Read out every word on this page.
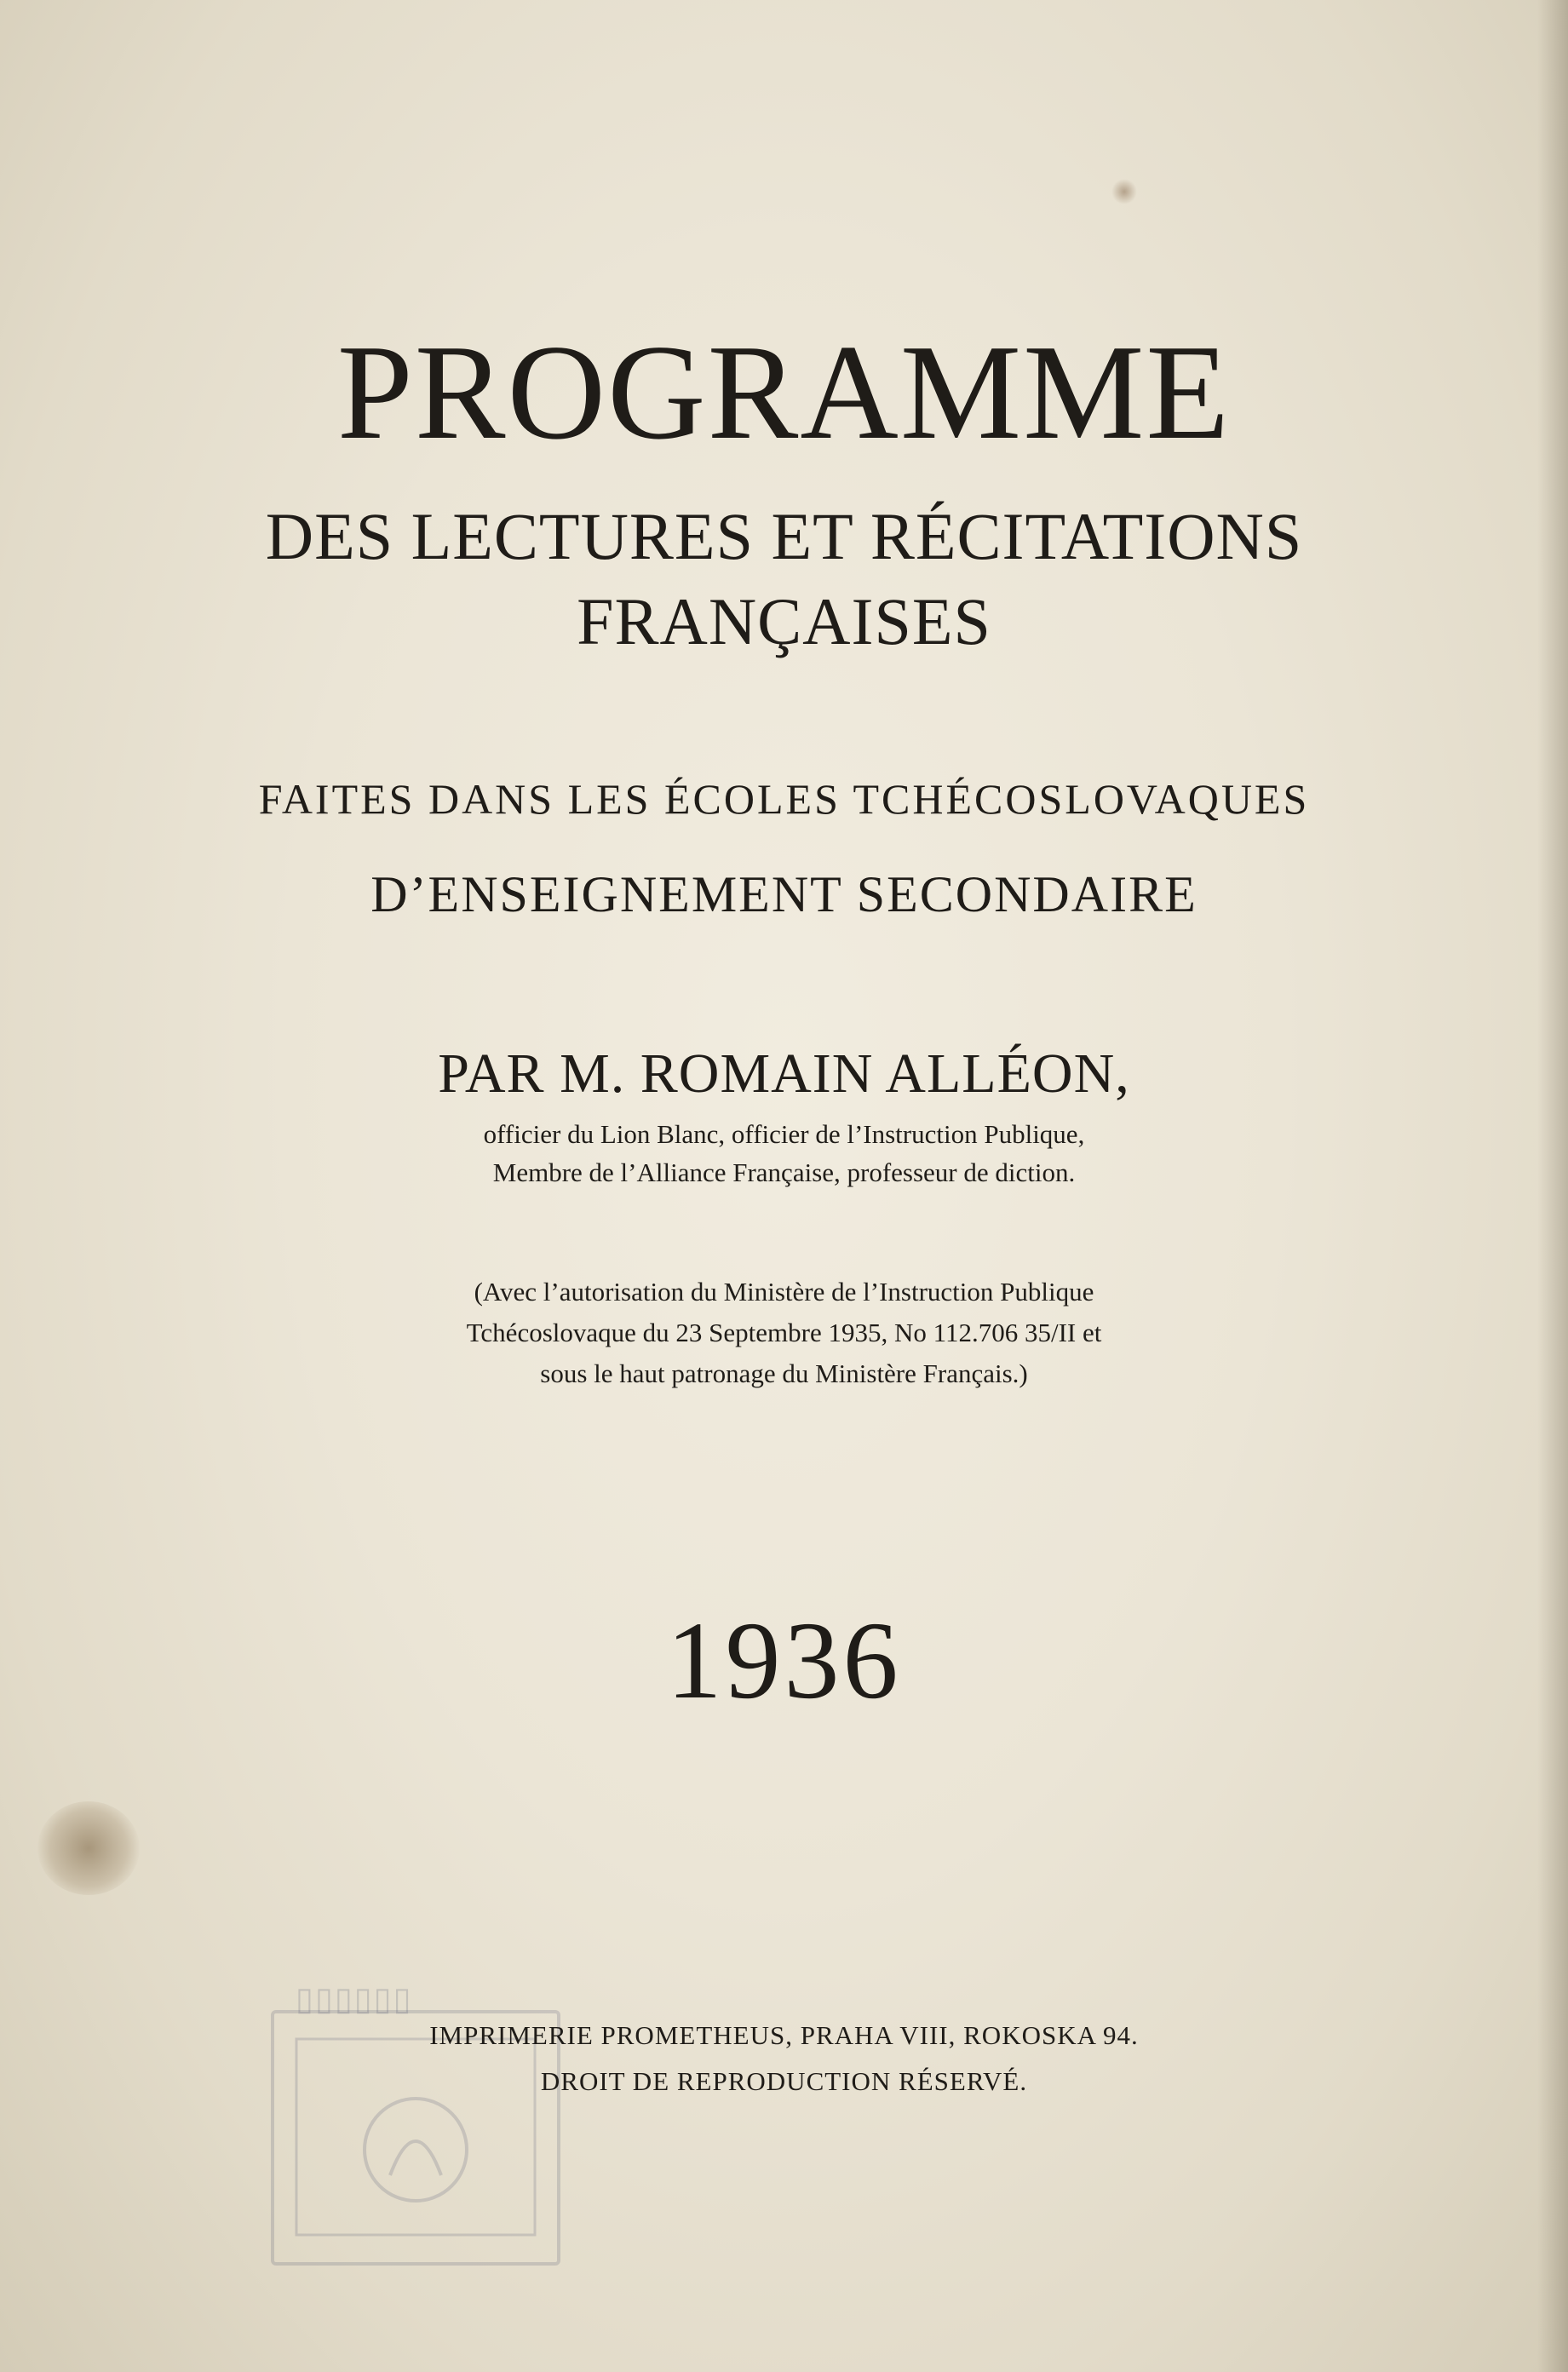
▯▯▯▯▯▯
PROGRAMME
DES LECTURES ET RÉCITATIONS
FRANÇAISES
FAITES DANS LES ÉCOLES TCHÉCOSLOVAQUES
D’ENSEIGNEMENT SECONDAIRE
PAR M. ROMAIN ALLÉON,
officier du Lion Blanc, officier de l’Instruction Publique,
Membre de l’Alliance Française, professeur de diction.
(Avec l’autorisation du Ministère de l’Instruction Publique
Tchécoslovaque du 23 Septembre 1935, No 112.706 35/II et
sous le haut patronage du Ministère Français.)
1936
IMPRIMERIE PROMETHEUS, PRAHA VIII, ROKOSKA 94.
DROIT DE REPRODUCTION RÉSERVÉ.
